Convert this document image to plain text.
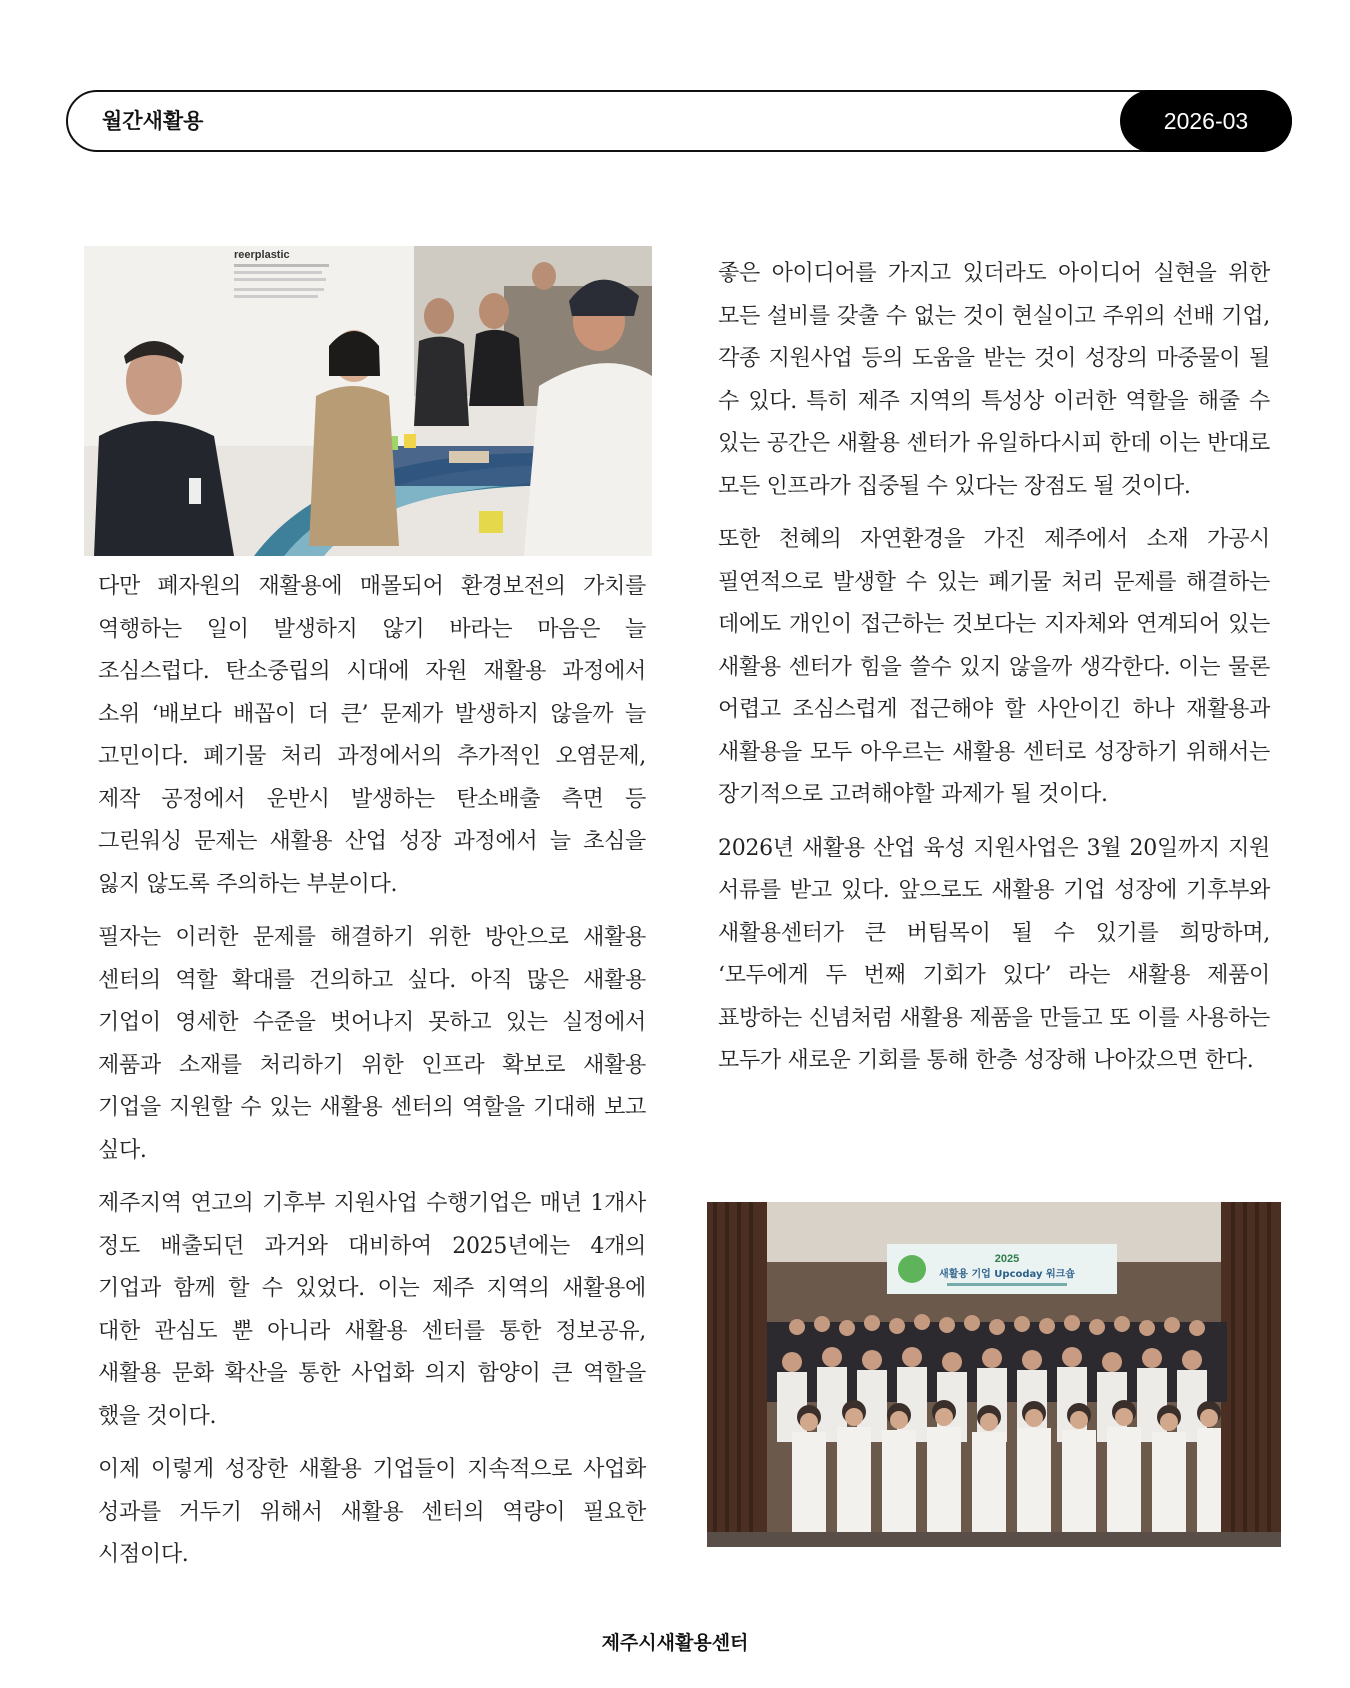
월간새활용	2026-03
reerplastic

다만 폐자원의 재활용에 매몰되어 환경보전의 가치를 역행하는 일이 발생하지 않기 바라는 마음은 늘 조심스럽다. 탄소중립의 시대에 자원 재활용 과정에서 소위 ‘배보다 배꼽이 더 큰’ 문제가 발생하지 않을까 늘 고민이다. 폐기물 처리 과정에서의 추가적인 오염문제, 제작 공정에서 운반시 발생하는 탄소배출 측면 등 그린워싱 문제는 새활용 산업 성장 과정에서 늘 초심을 잃지 않도록 주의하는 부분이다.

필자는 이러한 문제를 해결하기 위한 방안으로 새활용 센터의 역할 확대를 건의하고 싶다. 아직 많은 새활용 기업이 영세한 수준을 벗어나지 못하고 있는 실정에서 제품과 소재를 처리하기 위한 인프라 확보로 새활용 기업을 지원할 수 있는 새활용 센터의 역할을 기대해 보고 싶다.

제주지역 연고의 기후부 지원사업 수행기업은 매년 1개사 정도 배출되던 과거와 대비하여 2025년에는 4개의 기업과 함께 할 수 있었다. 이는 제주 지역의 새활용에 대한 관심도 뿐 아니라 새활용 센터를 통한 정보공유, 새활용 문화 확산을 통한 사업화 의지 함양이 큰 역할을 했을 것이다.

이제 이렇게 성장한 새활용 기업들이 지속적으로 사업화 성과를 거두기 위해서 새활용 센터의 역량이 필요한 시점이다.

좋은 아이디어를 가지고 있더라도 아이디어 실현을 위한 모든 설비를 갖출 수 없는 것이 현실이고 주위의 선배 기업, 각종 지원사업 등의 도움을 받는 것이 성장의 마중물이 될 수 있다. 특히 제주 지역의 특성상 이러한 역할을 해줄 수 있는 공간은 새활용 센터가 유일하다시피 한데 이는 반대로 모든 인프라가 집중될 수 있다는 장점도 될 것이다.

또한 천혜의 자연환경을 가진 제주에서 소재 가공시 필연적으로 발생할 수 있는 폐기물 처리 문제를 해결하는 데에도 개인이 접근하는 것보다는 지자체와 연계되어 있는 새활용 센터가 힘을 쓸수 있지 않을까 생각한다. 이는 물론 어렵고 조심스럽게 접근해야 할 사안이긴 하나 재활용과 새활용을 모두 아우르는 새활용 센터로 성장하기 위해서는 장기적으로 고려해야할 과제가 될 것이다.

2026년 새활용 산업 육성 지원사업은 3월 20일까지 지원 서류를 받고 있다. 앞으로도 새활용 기업 성장에 기후부와 새활용센터가 큰 버팀목이 될 수 있기를 희망하며, ‘모두에게 두 번째 기회가 있다’ 라는 새활용 제품이 표방하는 신념처럼 새활용 제품을 만들고 또 이를 사용하는 모두가 새로운 기회를 통해 한층 성장해 나아갔으면 한다.

2025
새활용 기업 Upcoday 워크숍
제주시새활용센터
